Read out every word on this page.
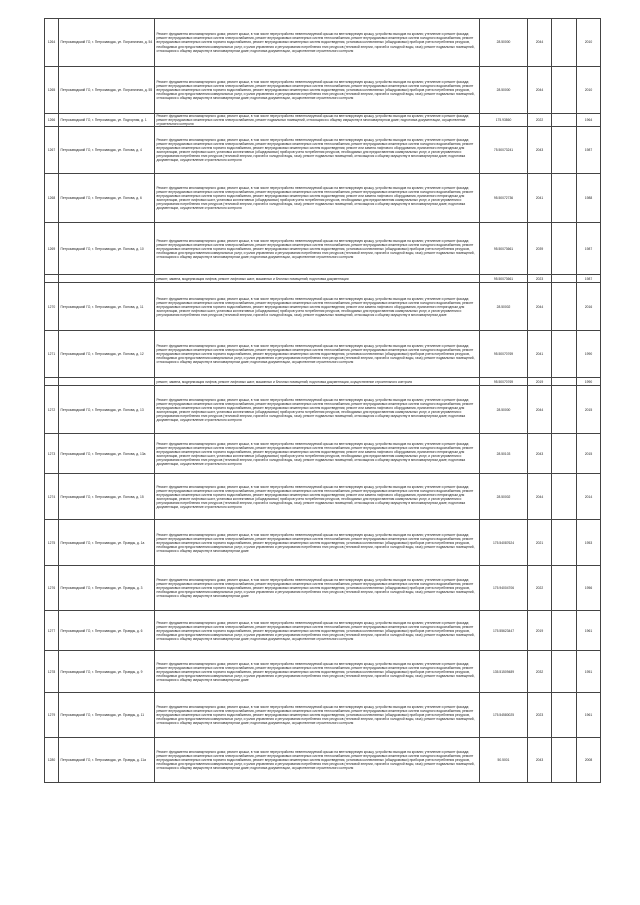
1264	Петрозаводский ГО, г. Петрозаводск, ул. Пограничная, д. 54	Ремонт фундамента многоквартирного дома; ремонт крыши, в том числе переустройство невентилируемой крыши на вентилируемую крышу, устройство выходов на кровлю; утепление и ремонт фасада; ремонт внутридомовых инженерных систем электроснабжения, ремонт внутридомовых инженерных систем теплоснабжения, ремонт внутридомовых инженерных систем холодного водоснабжения, ремонт внутридомовых инженерных систем горячего водоснабжения, ремонт внутридомовых инженерных систем водоотведения, установка коллективных (общедомовых) приборов учета потребления ресурсов, необходимых для предоставления коммунальных услуг, и узлов управления и регулирования потребления этих ресурсов (тепловой энергии, горячей и холодной воды, газа); ремонт подвальных помещений, относящихся к общему имуществу в многоквартирном доме; подготовка документации, осуществление строительного контроля	28.50000	2044		2010
1265	Петрозаводский ГО, г. Петрозаводск, ул. Пограничная, д. 55	Ремонт фундамента многоквартирного дома; ремонт крыши, в том числе переустройство невентилируемой крыши на вентилируемую крышу, устройство выходов на кровлю; утепление и ремонт фасада; ремонт внутридомовых инженерных систем электроснабжения, ремонт внутридомовых инженерных систем теплоснабжения, ремонт внутридомовых инженерных систем холодного водоснабжения, ремонт внутридомовых инженерных систем горячего водоснабжения, ремонт внутридомовых инженерных систем водоотведения, установка коллективных (общедомовых) приборов учета потребления ресурсов, необходимых для предоставления коммунальных услуг, и узлов управления и регулирования потребления этих ресурсов (тепловой энергии, горячей и холодной воды, газа); ремонт подвальных помещений, относящихся к общему имуществу в многоквартирном доме; подготовка документации, осуществление строительного контроля	28.50000	2044		2010
1266	Петрозаводский ГО, г. Петрозаводск, ул. Подгорная, д. 1	Ремонт фундамента многоквартирного дома; ремонт крыши, в том числе переустройство невентилируемой крыши на вентилируемую крышу, устройство выходов на кровлю; утепление и ремонт фасада; ремонт внутридомовых инженерных систем электроснабжения, ремонт подвальных помещений, относящихся к общему имуществу в многоквартирном доме; подготовка документации, осуществление строительного контроля	175.93860	2022		1964
1267	Петрозаводский ГО, г. Петрозаводск, ул. Попова, д. 4	Ремонт фундамента многоквартирного дома; ремонт крыши, в том числе переустройство невентилируемой крыши на вентилируемую крышу, устройство выходов на кровлю; утепление и ремонт фасада; ремонт внутридомовых инженерных систем электроснабжения, ремонт внутридомовых инженерных систем теплоснабжения, ремонт внутридомовых инженерных систем холодного водоснабжения, ремонт внутридомовых инженерных систем горячего водоснабжения, ремонт внутридомовых инженерных систем водоотведения; ремонт или замена лифтового оборудования, признанного непригодным для эксплуатации, ремонт лифтовых шахт, установка коллективных (общедомовых) приборов учета потребления ресурсов, необходимых для предоставления коммунальных услуг, и узлов управления и регулирования потребления этих ресурсов (тепловой энергии, горячей и холодной воды, газа); ремонт подвальных помещений, относящихся к общему имуществу в многоквартирном доме; подготовка документации, осуществление строительного контроля	75.50073241	2043		1987
1268	Петрозаводский ГО, г. Петрозаводск, ул. Попова, д. 6	Ремонт фундамента многоквартирного дома; ремонт крыши, в том числе переустройство невентилируемой крыши на вентилируемую крышу, устройство выходов на кровлю; утепление и ремонт фасада; ремонт внутридомовых инженерных систем электроснабжения, ремонт внутридомовых инженерных систем теплоснабжения, ремонт внутридомовых инженерных систем холодного водоснабжения, ремонт внутридомовых инженерных систем горячего водоснабжения, ремонт внутридомовых инженерных систем водоотведения; ремонт или замена лифтового оборудования, признанного непригодным для эксплуатации, ремонт лифтовых шахт, установка коллективных (общедомовых) приборов учета потребления ресурсов, необходимых для предоставления коммунальных услуг, и узлов управления и регулирования потребления этих ресурсов (тепловой энергии, горячей и холодной воды, газа); ремонт подвальных помещений, относящихся к общему имуществу в многоквартирном доме; подготовка документации, осуществление строительного контроля	95.50072736	2041		1988
1269	Петрозаводский ГО, г. Петрозаводск, ул. Попова, д. 10	Ремонт фундамента многоквартирного дома; ремонт крыши, в том числе переустройство невентилируемой крыши на вентилируемую крышу, устройство выходов на кровлю; утепление и ремонт фасада; ремонт внутридомовых инженерных систем электроснабжения, ремонт внутридомовых инженерных систем теплоснабжения, ремонт внутридомовых инженерных систем холодного водоснабжения, ремонт внутридомовых инженерных систем горячего водоснабжения, ремонт внутридомовых инженерных систем водоотведения, установка коллективных (общедомовых) приборов учета потребления ресурсов, необходимых для предоставления коммунальных услуг, и узлов управления и регулирования потребления этих ресурсов (тепловой энергии, горячей и холодной воды, газа); ремонт подвальных помещений, относящихся к общему имуществу в многоквартирном доме; подготовка документации, осуществление строительного контроля	95.50073661	2039		1987
		ремонт, замена, модернизация лифтов, ремонт лифтовых шахт, машинных и блочных помещений; подготовка документации	95.50073661	2023		1987
1270	Петрозаводский ГО, г. Петрозаводск, ул. Попова, д. 11	Ремонт фундамента многоквартирного дома; ремонт крыши, в том числе переустройство невентилируемой крыши на вентилируемую крышу, устройство выходов на кровлю; утепление и ремонт фасада; ремонт внутридомовых инженерных систем электроснабжения, ремонт внутридомовых инженерных систем теплоснабжения, ремонт внутридомовых инженерных систем холодного водоснабжения, ремонт внутридомовых инженерных систем горячего водоснабжения, ремонт внутридомовых инженерных систем водоотведения; ремонт или замена лифтового оборудования, признанного непригодным для эксплуатации, ремонт лифтовых шахт, установка коллективных (общедомовых) приборов учета потребления ресурсов, необходимых для предоставления коммунальных услуг, и узлов управления и регулирования потребления этих ресурсов (тепловой энергии, горячей и холодной воды, газа); ремонт подвальных помещений, относящихся к общему имуществу в многоквартирном доме	28.50002	2044		2016
1271	Петрозаводский ГО, г. Петрозаводск, ул. Попова, д. 12	Ремонт фундамента многоквартирного дома; ремонт крыши, в том числе переустройство невентилируемой крыши на вентилируемую крышу, устройство выходов на кровлю; утепление и ремонт фасада; ремонт внутридомовых инженерных систем электроснабжения, ремонт внутридомовых инженерных систем теплоснабжения, ремонт внутридомовых инженерных систем холодного водоснабжения, ремонт внутридомовых инженерных систем горячего водоснабжения, ремонт внутридомовых инженерных систем водоотведения, установка коллективных (общедомовых) приборов учета потребления ресурсов, необходимых для предоставления коммунальных услуг, и узлов управления и регулирования потребления этих ресурсов (тепловой энергии, горячей и холодной воды, газа); ремонт подвальных помещений, относящихся к общему имуществу в многоквартирном доме; подготовка документации, осуществление строительного контроля	95.50070769	2041		1990
		ремонт, замена, модернизация лифтов, ремонт лифтовых шахт, машинных и блочных помещений; подготовка документации, осуществление строительного контроля	95.50070769	2019		1990
1272	Петрозаводский ГО, г. Петрозаводск, ул. Попова, д. 13	Ремонт фундамента многоквартирного дома; ремонт крыши, в том числе переустройство невентилируемой крыши на вентилируемую крышу, устройство выходов на кровлю; утепление и ремонт фасада; ремонт внутридомовых инженерных систем электроснабжения, ремонт внутридомовых инженерных систем теплоснабжения, ремонт внутридомовых инженерных систем холодного водоснабжения, ремонт внутридомовых инженерных систем горячего водоснабжения, ремонт внутридомовых инженерных систем водоотведения; ремонт или замена лифтового оборудования, признанного непригодным для эксплуатации, ремонт лифтовых шахт, установка коллективных (общедомовых) приборов учета потребления ресурсов, необходимых для предоставления коммунальных услуг, и узлов управления и регулирования потребления этих ресурсов (тепловой энергии, горячей и холодной воды, газа); ремонт подвальных помещений, относящихся к общему имуществу в многоквартирном доме; подготовка документации, осуществление строительного контроля	28.50000	2044		2015
1273	Петрозаводский ГО, г. Петрозаводск, ул. Попова, д. 13а	Ремонт фундамента многоквартирного дома; ремонт крыши, в том числе переустройство невентилируемой крыши на вентилируемую крышу, устройство выходов на кровлю; утепление и ремонт фасада; ремонт внутридомовых инженерных систем электроснабжения, ремонт внутридомовых инженерных систем теплоснабжения, ремонт внутридомовых инженерных систем холодного водоснабжения, ремонт внутридомовых инженерных систем горячего водоснабжения, ремонт внутридомовых инженерных систем водоотведения; ремонт или замена лифтового оборудования, признанного непригодным для эксплуатации, ремонт лифтовых шахт, установка коллективных (общедомовых) приборов учета потребления ресурсов, необходимых для предоставления коммунальных услуг, и узлов управления и регулирования потребления этих ресурсов (тепловой энергии, горячей и холодной воды, газа); ремонт подвальных помещений, относящихся к общему имуществу в многоквартирном доме; подготовка документации, осуществление строительного контроля	28.50103	2043		2015
1274	Петрозаводский ГО, г. Петрозаводск, ул. Попова, д. 15	Ремонт фундамента многоквартирного дома; ремонт крыши, в том числе переустройство невентилируемой крыши на вентилируемую крышу, устройство выходов на кровлю; утепление и ремонт фасада; ремонт внутридомовых инженерных систем электроснабжения, ремонт внутридомовых инженерных систем теплоснабжения, ремонт внутридомовых инженерных систем холодного водоснабжения, ремонт внутридомовых инженерных систем горячего водоснабжения, ремонт внутридомовых инженерных систем водоотведения; ремонт или замена лифтового оборудования, признанного непригодным для эксплуатации, ремонт лифтовых шахт, установка коллективных (общедомовых) приборов учета потребления ресурсов, необходимых для предоставления коммунальных услуг, и узлов управления и регулирования потребления этих ресурсов (тепловой энергии, горячей и холодной воды, газа); ремонт подвальных помещений, относящихся к общему имуществу в многоквартирном доме; подготовка документации, осуществление строительного контроля	28.50002	2044		2014
1275	Петрозаводский ГО, г. Петрозаводск, ул. Правды, д. 1а	Ремонт фундамента многоквартирного дома; ремонт крыши, в том числе переустройство невентилируемой крыши на вентилируемую крышу, устройство выходов на кровлю; утепление и ремонт фасада; ремонт внутридомовых инженерных систем электроснабжения, ремонт внутридомовых инженерных систем теплоснабжения, ремонт внутридомовых инженерных систем холодного водоснабжения, ремонт внутридомовых инженерных систем горячего водоснабжения, ремонт внутридомовых инженерных систем водоотведения, установка коллективных (общедомовых) приборов учета потребления ресурсов, необходимых для предоставления коммунальных услуг, и узлов управления и регулирования потребления этих ресурсов (тепловой энергии, горячей и холодной воды, газа); ремонт подвальных помещений, относящихся к общему имуществу в многоквартирном доме	175.54087624	2021		1953
1276	Петрозаводский ГО, г. Петрозаводск, ул. Правды, д. 3	Ремонт фундамента многоквартирного дома; ремонт крыши, в том числе переустройство невентилируемой крыши на вентилируемую крышу, устройство выходов на кровлю; утепление и ремонт фасада; ремонт внутридомовых инженерных систем электроснабжения, ремонт внутридомовых инженерных систем теплоснабжения, ремонт внутридомовых инженерных систем холодного водоснабжения, ремонт внутридомовых инженерных систем горячего водоснабжения, ремонт внутридомовых инженерных систем водоотведения, установка коллективных (общедомовых) приборов учета потребления ресурсов, необходимых для предоставления коммунальных услуг, и узлов управления и регулирования потребления этих ресурсов (тепловой энергии, горячей и холодной воды, газа); ремонт подвальных помещений, относящихся к общему имуществу в многоквартирном доме	175.94004706	2022		1956
1277	Петрозаводский ГО, г. Петрозаводск, ул. Правды, д. 6	Ремонт фундамента многоквартирного дома; ремонт крыши, в том числе переустройство невентилируемой крыши на вентилируемую крышу, устройство выходов на кровлю; утепление и ремонт фасада; ремонт внутридомовых инженерных систем электроснабжения, ремонт внутридомовых инженерных систем теплоснабжения, ремонт внутридомовых инженерных систем холодного водоснабжения, ремонт внутридомовых инженерных систем горячего водоснабжения, ремонт внутридомовых инженерных систем водоотведения, установка коллективных (общедомовых) приборов учета потребления ресурсов, необходимых для предоставления коммунальных услуг, и узлов управления и регулирования потребления этих ресурсов (тепловой энергии, горячей и холодной воды, газа); ремонт подвальных помещений, относящихся к общему имуществу в многоквартирном доме; подготовка документации, осуществление строительного контроля	175.55623447	2019		1961
1278	Петрозаводский ГО, г. Петрозаводск, ул. Правды, д. 9	Ремонт фундамента многоквартирного дома; ремонт крыши, в том числе переустройство невентилируемой крыши на вентилируемую крышу, устройство выходов на кровлю; утепление и ремонт фасада; ремонт внутридомовых инженерных систем электроснабжения, ремонт внутридомовых инженерных систем теплоснабжения, ремонт внутридомовых инженерных систем холодного водоснабжения, ремонт внутридомовых инженерных систем горячего водоснабжения, ремонт внутридомовых инженерных систем водоотведения, установка коллективных (общедомовых) приборов учета потребления ресурсов, необходимых для предоставления коммунальных услуг, и узлов управления и регулирования потребления этих ресурсов (тепловой энергии, горячей и холодной воды, газа); ремонт подвальных помещений, относящихся к общему имуществу в многоквартирном доме	135.51509489	2032		1951
1279	Петрозаводский ГО, г. Петрозаводск, ул. Правды, д. 11	Ремонт фундамента многоквартирного дома; ремонт крыши, в том числе переустройство невентилируемой крыши на вентилируемую крышу, устройство выходов на кровлю; утепление и ремонт фасада; ремонт внутридомовых инженерных систем электроснабжения, ремонт внутридомовых инженерных систем теплоснабжения, ремонт внутридомовых инженерных систем холодного водоснабжения, ремонт внутридомовых инженерных систем горячего водоснабжения, ремонт внутридомовых инженерных систем водоотведения, установка коллективных (общедомовых) приборов учета потребления ресурсов, необходимых для предоставления коммунальных услуг, и узлов управления и регулирования потребления этих ресурсов (тепловой энергии, горячей и холодной воды, газа); ремонт подвальных помещений, относящихся к общему имуществу в многоквартирном доме; подготовка документации, осуществление строительного контроля	175.54580025	2023		1961
1280	Петрозаводский ГО, г. Петрозаводск, ул. Правды, д. 11а	Ремонт фундамента многоквартирного дома; ремонт крыши, в том числе переустройство невентилируемой крыши на вентилируемую крышу, устройство выходов на кровлю; утепление и ремонт фасада; ремонт внутридомовых инженерных систем электроснабжения, ремонт внутридомовых инженерных систем теплоснабжения, ремонт внутридомовых инженерных систем холодного водоснабжения, ремонт внутридомовых инженерных систем горячего водоснабжения, ремонт внутридомовых инженерных систем водоотведения, установка коллективных (общедомовых) приборов учета потребления ресурсов, необходимых для предоставления коммунальных услуг, и узлов управления и регулирования потребления этих ресурсов (тепловой энергии, горячей и холодной воды, газа); ремонт подвальных помещений, относящихся к общему имуществу в многоквартирном доме; подготовка документации, осуществление строительного контроля	50.5001	2043		2008
